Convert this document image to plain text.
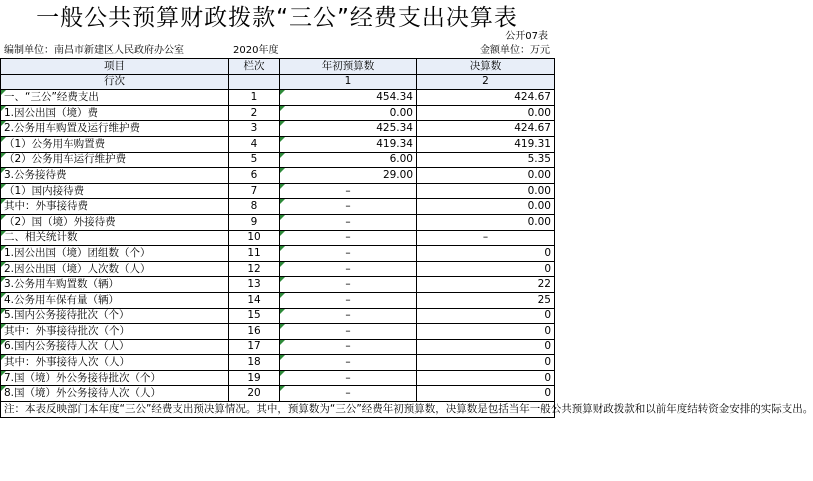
一般公共预算财政拨款“三公”经费支出决算表
公开07表
编制单位：南昌市新建区人民政府办公室	2020年度	金额单位：万元
项目	栏次	年初预算数	决算数
行次		1	2
一、“三公”经费支出	1	454.34	424.67
1.因公出国（境）费	2	0.00	0.00
2.公务用车购置及运行维护费	3	425.34	424.67
（1）公务用车购置费	4	419.34	419.31
（2）公务用车运行维护费	5	6.00	5.35
3.公务接待费	6	29.00	0.00
（1）国内接待费	7	–	0.00
其中：外事接待费	8	–	0.00
（2）国（境）外接待费	9	–	0.00
二、相关统计数	10	–	–
1.因公出国（境）团组数（个）	11	–	0
2.因公出国（境）人次数（人）	12	–	0
3.公务用车购置数（辆）	13	–	22
4.公务用车保有量（辆）	14	–	25
5.国内公务接待批次（个）	15	–	0
其中：外事接待批次（个）	16	–	0
6.国内公务接待人次（人）	17	–	0
其中：外事接待人次（人）	18	–	0
7.国（境）外公务接待批次（个）	19	–	0
8.国（境）外公务接待人次（人）	20	–	0
注：本表反映部门本年度“三公”经费支出预决算情况。其中，预算数为“三公”经费年初预算数，决算数是包括当年一般公共预算财政拨款和以前年度结转资金安排的实际支出。			
